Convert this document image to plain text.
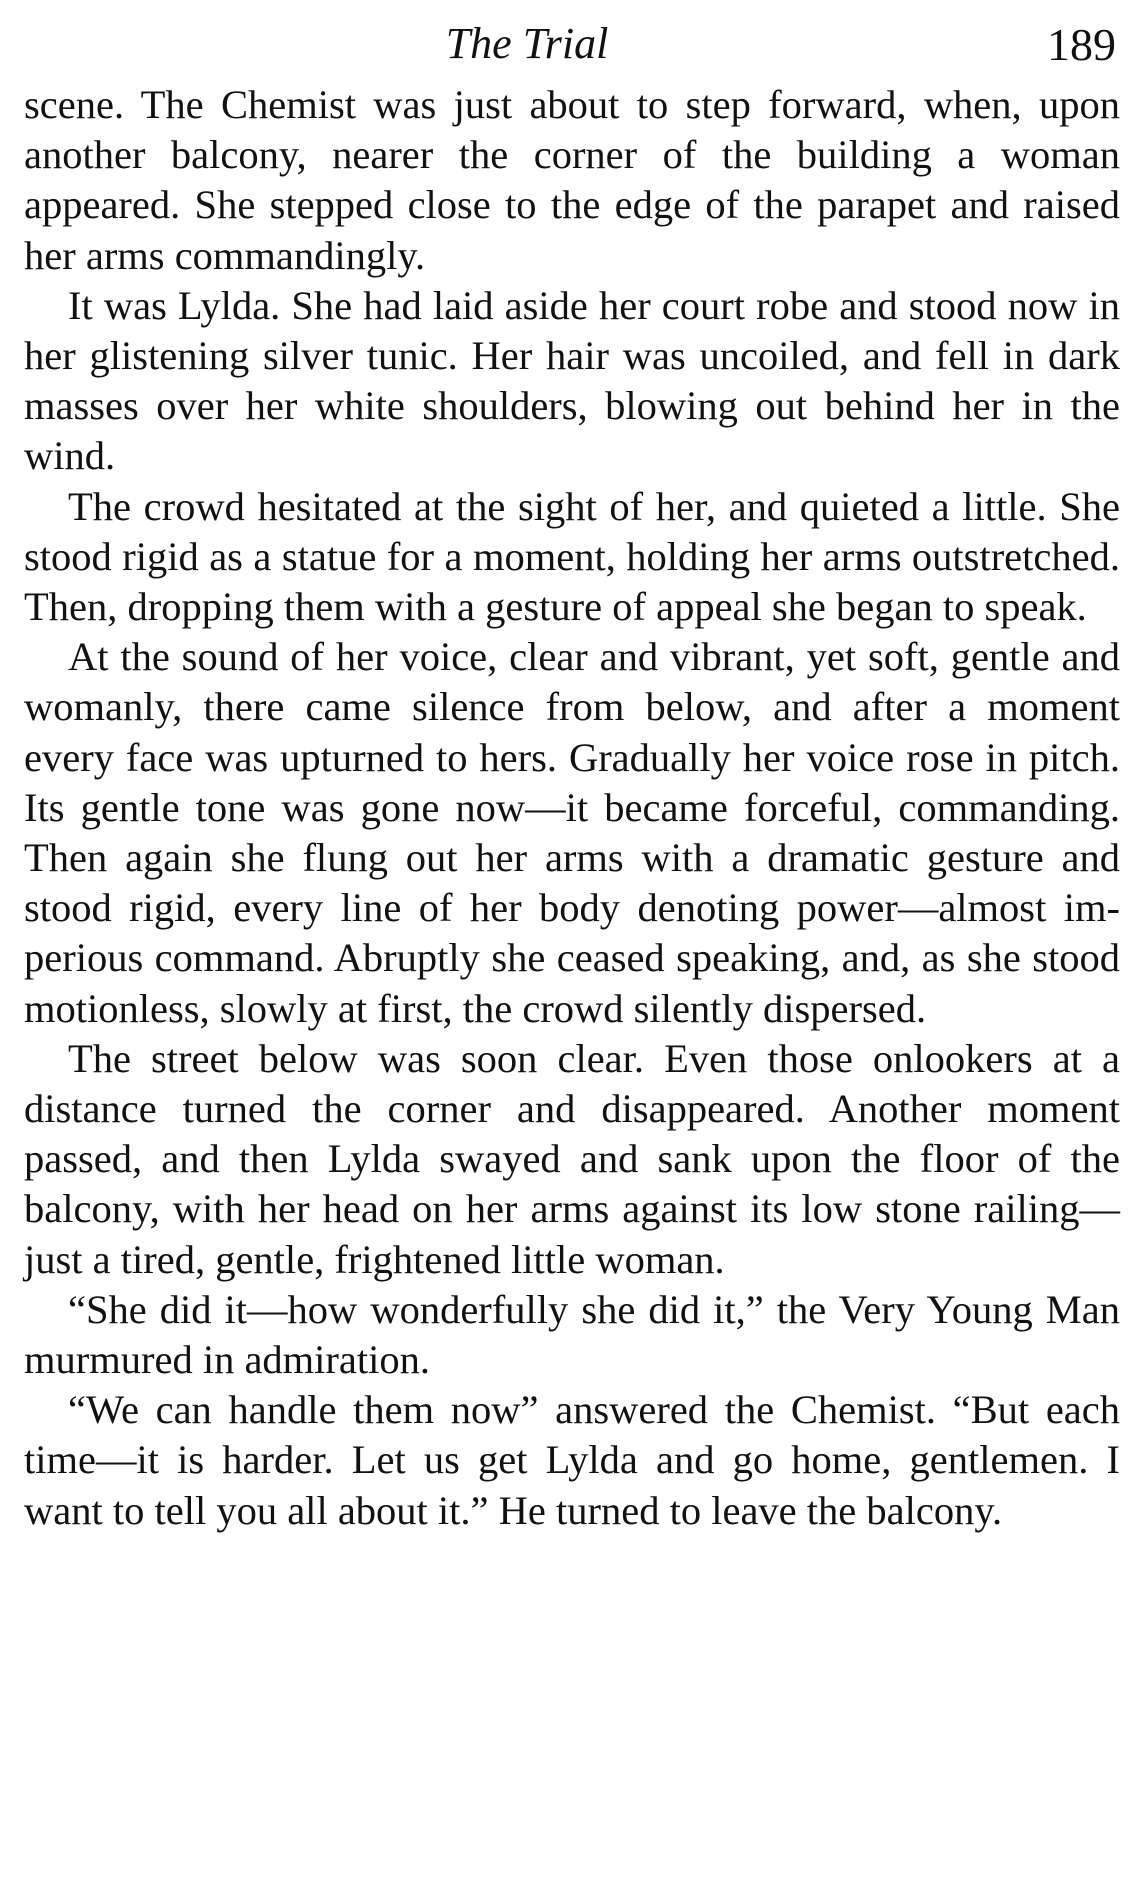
The Trial	189

scene. The Chemist was just about to step forward, when, upon another balcony, nearer the corner of the building a woman appeared. She stepped close to the edge of the parapet and raised her arms commandingly.

It was Lylda. She had laid aside her court robe and stood now in her glistening silver tunic. Her hair was uncoiled, and fell in dark masses over her white shoulders, blowing out behind her in the wind.

The crowd hesitated at the sight of her, and quieted a little. She stood rigid as a statue for a moment, holding her arms outstretched. Then, dropping them with a gesture of appeal she began to speak.

At the sound of her voice, clear and vibrant, yet soft, gentle and womanly, there came silence from below, and after a moment every face was upturned to hers. Gradually her voice rose in pitch. Its gentle tone was gone now—it became forceful, commanding. Then again she flung out her arms with a dramatic gesture and stood rigid, every line of her body denoting power—almost imperious command. Abruptly she ceased speaking, and, as she stood motionless, slowly at first, the crowd silently dispersed.

The street below was soon clear. Even those onlookers at a distance turned the corner and disappeared. Another moment passed, and then Lylda swayed and sank upon the floor of the balcony, with her head on her arms against its low stone railing—just a tired, gentle, frightened little woman.

“She did it—how wonderfully she did it,” the Very Young Man murmured in admiration.

“We can handle them now” answered the Chemist. “But each time—it is harder. Let us get Lylda and go home, gentlemen. I want to tell you all about it.” He turned to leave the balcony.
